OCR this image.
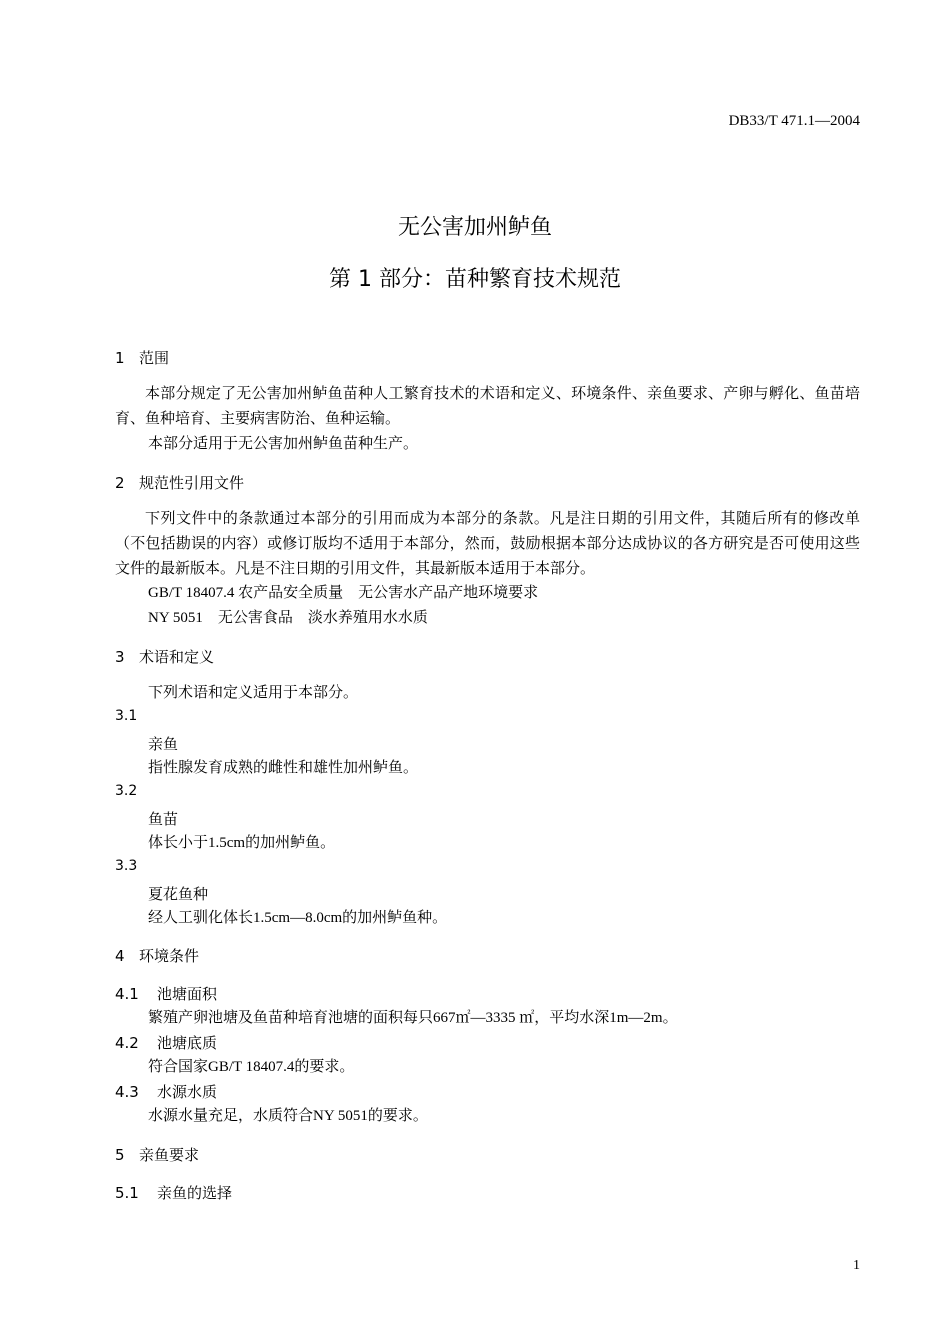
DB33/T 471.1—2004
无公害加州鲈鱼
第 1 部分：苗种繁育技术规范
1 范围
本部分规定了无公害加州鲈鱼苗种人工繁育技术的术语和定义、环境条件、亲鱼要求、产卵与孵化、鱼苗培育、鱼种培育、主要病害防治、鱼种运输。
本部分适用于无公害加州鲈鱼苗种生产。
2 规范性引用文件
下列文件中的条款通过本部分的引用而成为本部分的条款。凡是注日期的引用文件，其随后所有的修改单（不包括勘误的内容）或修订版均不适用于本部分，然而，鼓励根据本部分达成协议的各方研究是否可使用这些文件的最新版本。凡是不注日期的引用文件，其最新版本适用于本部分。
GB/T 18407.4 农产品安全质量　无公害水产品产地环境要求
NY 5051　无公害食品　淡水养殖用水水质
3 术语和定义
下列术语和定义适用于本部分。
3.1
亲鱼
指性腺发育成熟的雌性和雄性加州鲈鱼。
3.2
鱼苗
体长小于1.5cm的加州鲈鱼。
3.3
夏花鱼种
经人工驯化体长1.5cm—8.0cm的加州鲈鱼种。
4 环境条件
4.1 池塘面积
繁殖产卵池塘及鱼苗种培育池塘的面积每只667㎡—3335 ㎡，平均水深1m—2m。
4.2 池塘底质
符合国家GB/T 18407.4的要求。
4.3 水源水质
水源水量充足，水质符合NY 5051的要求。
5 亲鱼要求
5.1 亲鱼的选择
1
